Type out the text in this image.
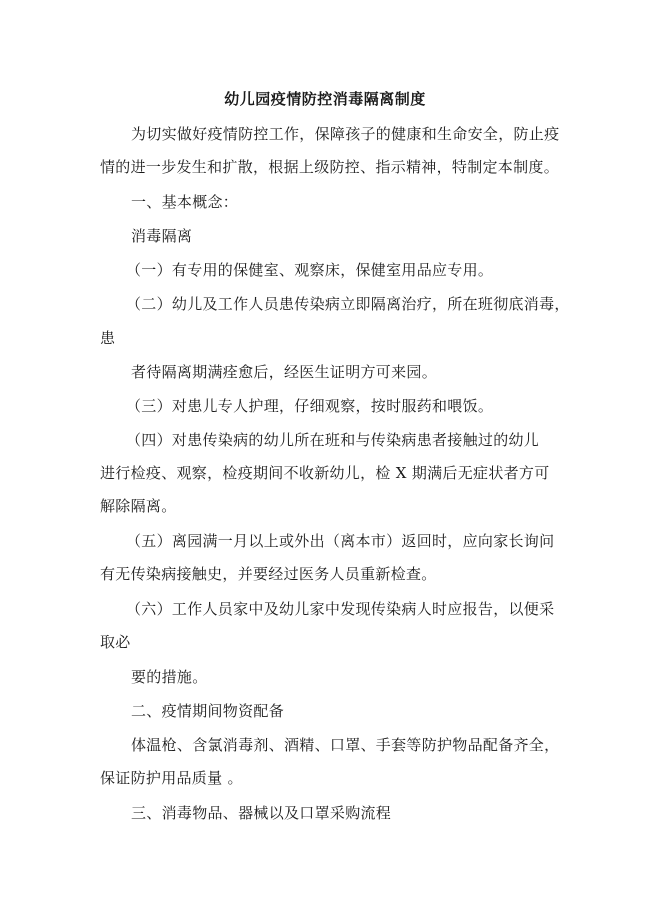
幼儿园疫情防控消毒隔离制度
为切实做好疫情防控工作，保障孩子的健康和生命安全，防止疫
情的进一步发生和扩散，根据上级防控、指示精神，特制定本制度。
一、基本概念：
消毒隔离
（一）有专用的保健室、观察床，保健室用品应专用。
（二）幼儿及工作人员患传染病立即隔离治疗，所在班彻底消毒，
患
者待隔离期满痊愈后，经医生证明方可来园。
（三）对患儿专人护理，仔细观察，按时服药和喂饭。
（四）对患传染病的幼儿所在班和与传染病患者接触过的幼儿
进行检疫、观察，检疫期间不收新幼儿，检 X 期满后无症状者方可
解除隔离。
（五）离园满一月以上或外出（离本市）返回时，应向家长询问
有无传染病接触史，并要经过医务人员重新检查。
（六）工作人员家中及幼儿家中发现传染病人时应报告，以便采
取必
要的措施。
二、疫情期间物资配备
体温枪、含氯消毒剂、酒精、口罩、手套等防护物品配备齐全，
保证防护用品质量 。
三、消毒物品、器械以及口罩采购流程
